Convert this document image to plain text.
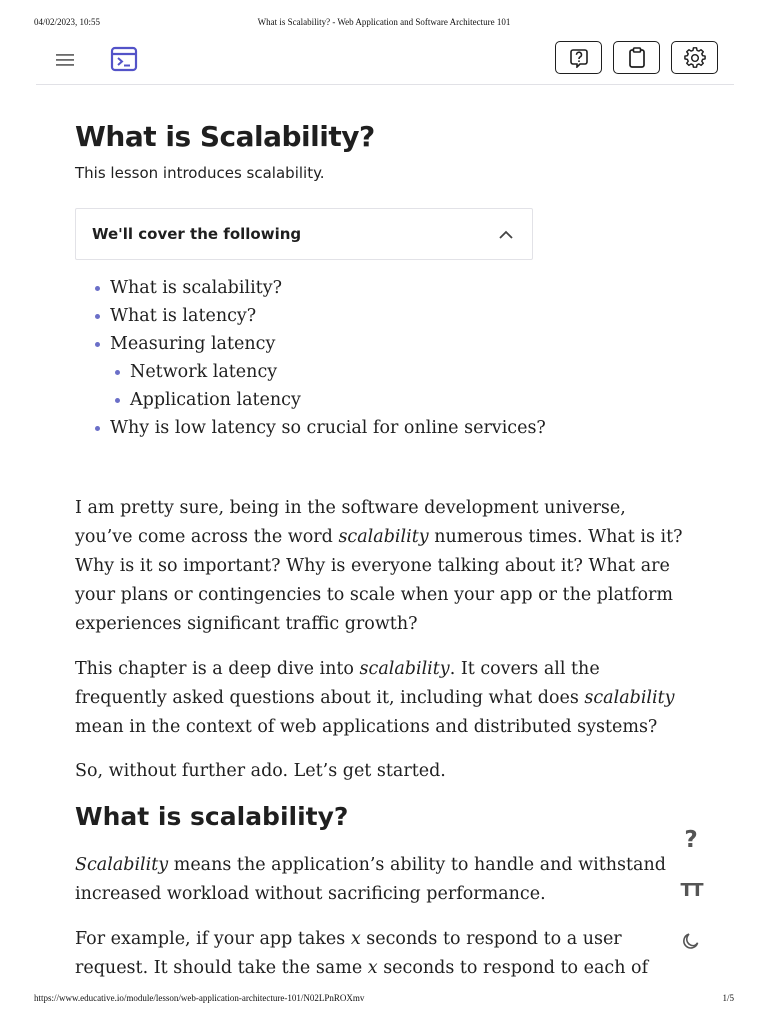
04/02/2023, 10:55	What is Scalability? - Web Application and Software Architecture 101
What is Scalability?

This lesson introduces scalability.

We'll cover the following
What is scalability?
What is latency?
Measuring latency
Network latency
Application latency
Why is low latency so crucial for online services?

I am pretty sure, being in the software development universe, you’ve come across the word scalability numerous times. What is it? Why is it so important? Why is everyone talking about it? What are your plans or contingencies to scale when your app or the platform experiences significant traffic growth?

This chapter is a deep dive into scalability. It covers all the frequently asked questions about it, including what does scalability mean in the context of web applications and distributed systems?

So, without further ado. Let’s get started.

What is scalability?

Scalability means the application’s ability to handle and withstand increased workload without sacrificing performance.

For example, if your app takes x seconds to respond to a user request. It should take the same x seconds to respond to each of

?
TT
https://www.educative.io/module/lesson/web-application-architecture-101/N02LPnROXmv	1/5
